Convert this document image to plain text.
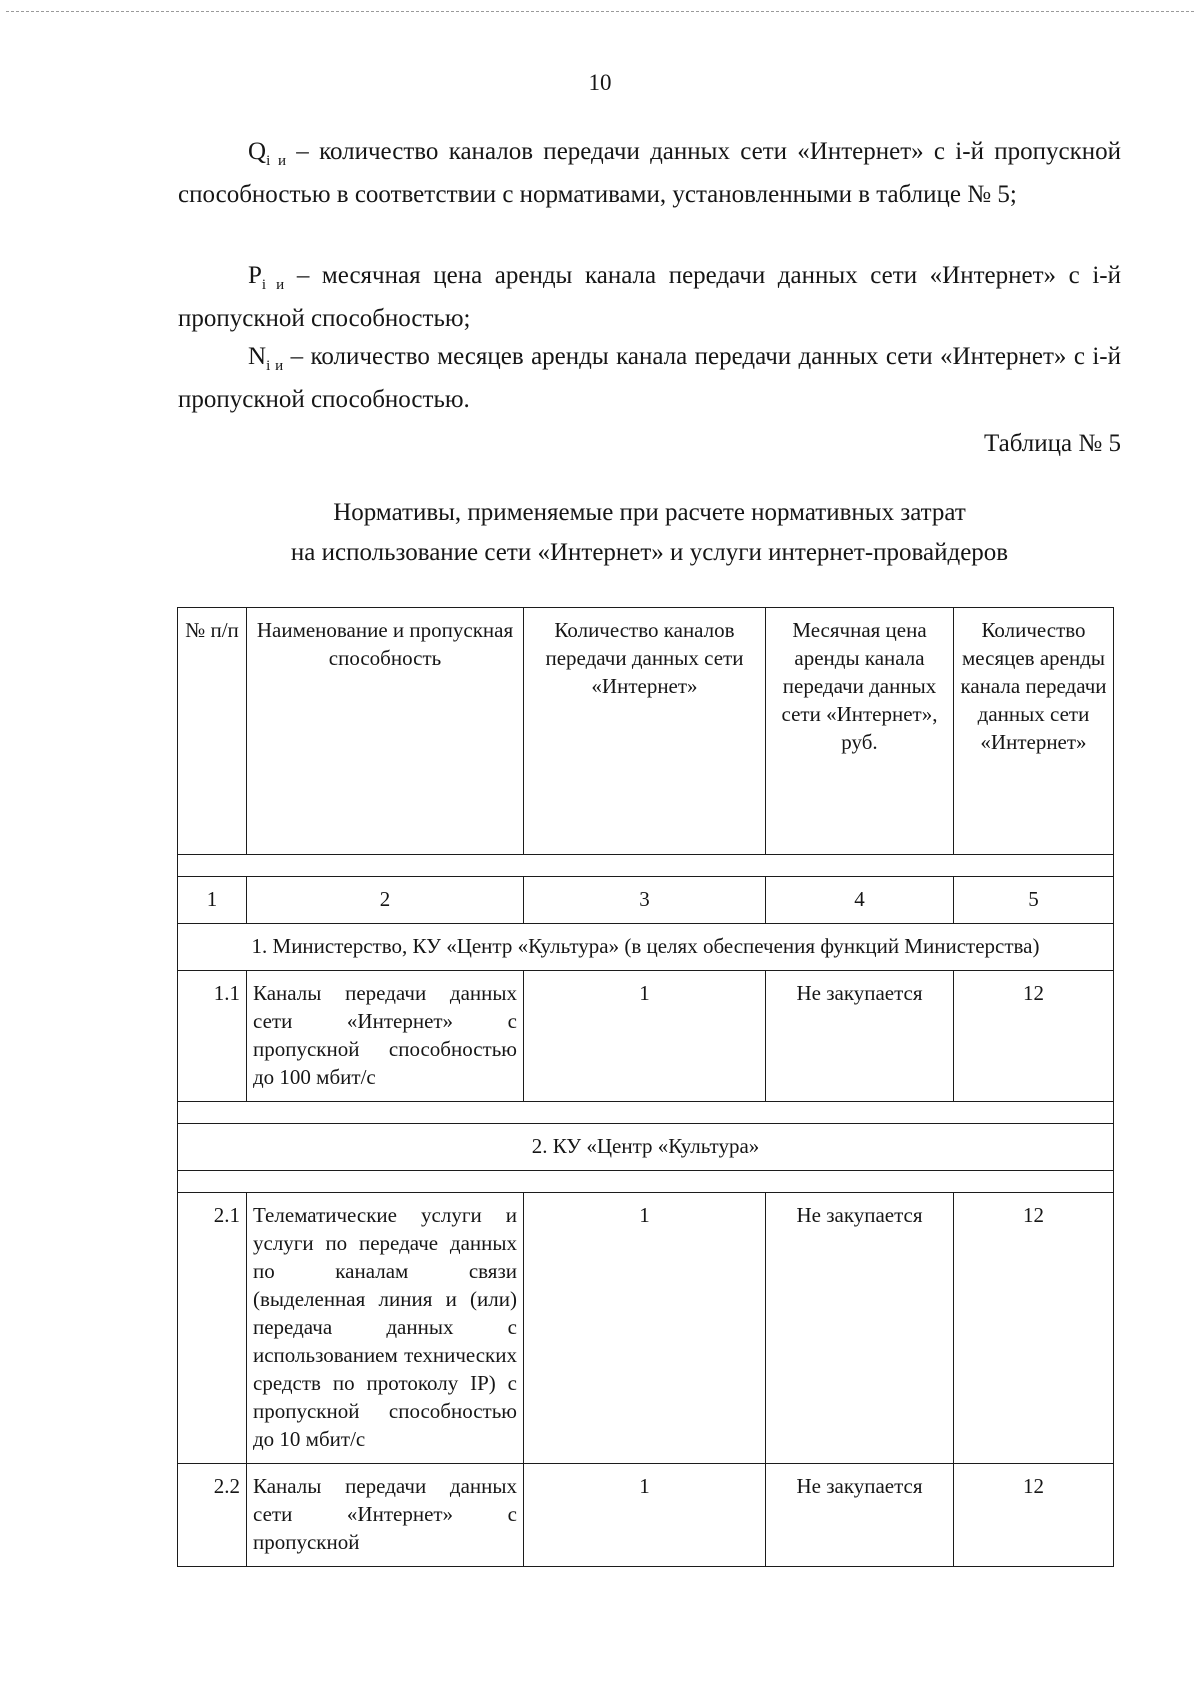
10

$Q_{i и}$ – количество каналов передачи данных сети «Интернет» с i-й пропускной способностью в соответствии с нормативами, установленными в таблице № 5;

$P_{i и}$ – месячная цена аренды канала передачи данных сети «Интернет» с i-й пропускной способностью;

$N_{i и}$ – количество месяцев аренды канала передачи данных сети «Интернет» с i-й пропускной способностью.

Таблица № 5
Нормативы, применяемые при расчете нормативных затрат
на использование сети «Интернет» и услуги интернет-провайдеров
№ п/п	Наименование и пропускная способность	Количество каналов передачи данных сети «Интернет»	Месячная цена аренды канала передачи данных сети «Интернет», руб.	Количество месяцев аренды канала передачи данных сети «Интернет»

1	2	3	4	5
1. Министерство, КУ «Центр «Культура» (в целях обеспечения функций Министерства)				
1.1	Каналы передачи данных сети «Интернет» с пропускной способностью до 100 мбит/с	1	Не закупается	12

2. КУ «Центр «Культура»				

2.1	Телематические услуги и услуги по передаче данных по каналам связи (выделенная линия и (или) передача данных с использованием технических средств по протоколу IP) с пропускной способностью до 10 мбит/с	1	Не закупается	12
2.2	Каналы передачи данных сети «Интернет» с пропускной	1	Не закупается	12
